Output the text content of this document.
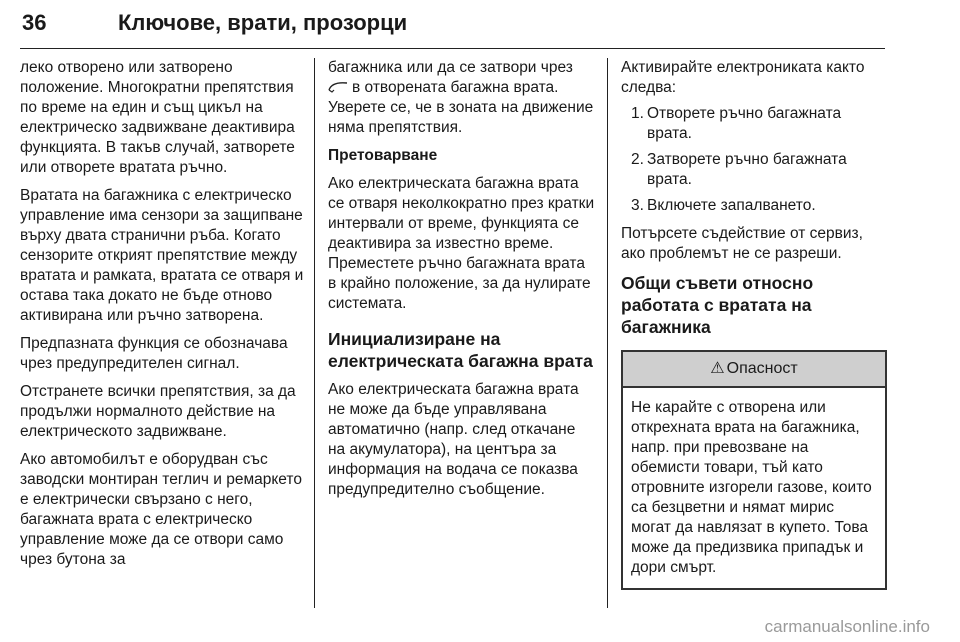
36	Ключове, врати, прозорци

леко отворено или затворено положение. Многократни препятствия по време на един и същ цикъл на електрическо задвижване деактивира функцията. В такъв случай, затворете или отворете вратата ръчно.

Вратата на багажника с електрическо управление има сензори за защипване върху двата странични ръба. Когато сензорите открият препятствие между вратата и рамката, вратата се отваря и остава така докато не бъде отново активирана или ръчно затворена.

Предпазната функция се обозначава чрез предупредителен сигнал.

Отстранете всички препятствия, за да продължи нормалното действие на електрическото задвижване.

Ако автомобилът е оборудван със заводски монтиран теглич и ремаркето е електрически свързано с него, багажната врата с електрическо управление може да се отвори само чрез бутона за

багажника или да се затвори чрез
в отворената багажна врата. Уверете се, че в зоната на движение няма препятствия.

Претоварване

Ако електрическата багажна врата се отваря неколкократно през кратки интервали от време, функцията се деактивира за известно време. Преместете ръчно багажната врата в крайно положение, за да нулирате системата.

Инициализиране на електрическата багажна врата

Ако електрическата багажна врата не може да бъде управлявана автоматично (напр. след откачане на акумулатора), на центъра за информация на водача се показва предупредително съобщение.

Активирайте електрониката както следва:

1. Отворете ръчно багажната врата.
2. Затворете ръчно багажната врата.
3. Включете запалването.

Потърсете съдействие от сервиз, ако проблемът не се разреши.

Общи съвети относно работата с вратата на багажника
⚠ Опасност
Не карайте с отворена или открехната врата на багажника, напр. при превозване на обемисти товари, тъй като отровните изгорели газове, които са безцветни и нямат мирис могат да навлязат в купето. Това може да предизвика припадък и дори смърт.
carmanualsonline.info
